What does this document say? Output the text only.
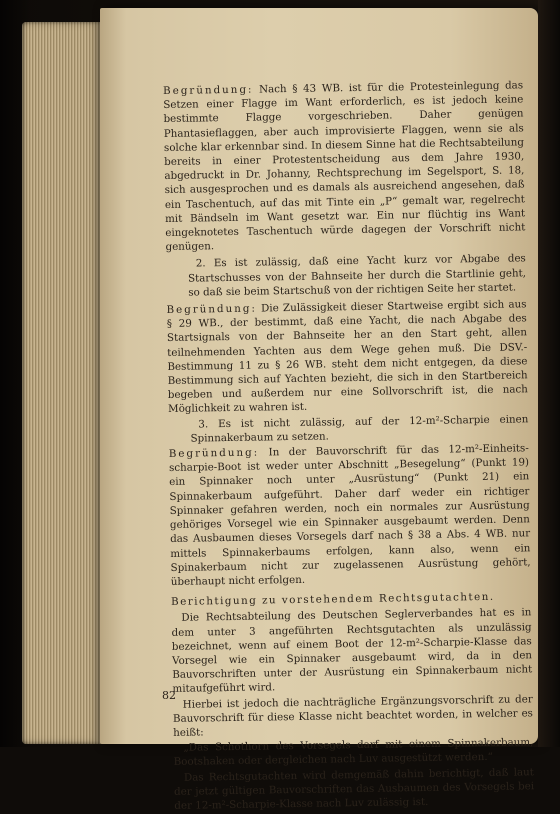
Begründung: Nach § 43 WB. ist für die Protesteinlegung das Setzen einer Flagge im Want erforderlich, es ist jedoch keine bestimmte Flagge vorgeschrieben. Daher genügen Phantasieflaggen, aber auch improvisierte Flaggen, wenn sie als solche klar erkennbar sind. In diesem Sinne hat die Rechtsabteilung bereits in einer Protestentscheidung aus dem Jahre 1930, abgedruckt in Dr. Johanny, Rechtsprechung im Segelsport, S. 18, sich ausgesprochen und es damals als ausreichend angesehen, daß ein Taschentuch, auf das mit Tinte ein „P“ gemalt war, regelrecht mit Bändseln im Want gesetzt war. Ein nur flüchtig ins Want eingeknotetes Taschentuch würde dagegen der Vorschrift nicht genügen.

2. Es ist zulässig, daß eine Yacht kurz vor Abgabe des Startschusses von der Bahnseite her durch die Startlinie geht, so daß sie beim Startschuß von der richtigen Seite her startet.

Begründung: Die Zulässigkeit dieser Startweise ergibt sich aus § 29 WB., der bestimmt, daß eine Yacht, die nach Abgabe des Startsignals von der Bahnseite her an den Start geht, allen teilnehmenden Yachten aus dem Wege gehen muß. Die DSV.-Bestimmung 11 zu § 26 WB. steht dem nicht entgegen, da diese Bestimmung sich auf Yachten bezieht, die sich in den Startbereich begeben und außerdem nur eine Sollvorschrift ist, die nach Möglichkeit zu wahren ist.

3. Es ist nicht zulässig, auf der 12-m²-Scharpie einen Spinnakerbaum zu setzen.

Begründung: In der Bauvorschrift für das 12-m²-Einheits-scharpie-Boot ist weder unter Abschnitt „Besegelung“ (Punkt 19) ein Spinnaker noch unter „Ausrüstung“ (Punkt 21) ein Spinnakerbaum aufgeführt. Daher darf weder ein richtiger Spinnaker gefahren werden, noch ein normales zur Ausrüstung gehöriges Vorsegel wie ein Spinnaker ausgebaumt werden. Denn das Ausbaumen dieses Vorsegels darf nach § 38 a Abs. 4 WB. nur mittels Spinnakerbaums erfolgen, kann also, wenn ein Spinakerbaum nicht zur zugelassenen Ausrüstung gehört, überhaupt nicht erfolgen.

Berichtigung zu vorstehendem Rechtsgutachten.

Die Rechtsabteilung des Deutschen Seglerverbandes hat es in dem unter 3 angeführten Rechtsgutachten als unzulässig bezeichnet, wenn auf einem Boot der 12-m²-Scharpie-Klasse das Vorsegel wie ein Spinnaker ausgebaumt wird, da in den Bauvorschriften unter der Ausrüstung ein Spinnakerbaum nicht mitaufgeführt wird.

Hierbei ist jedoch die nachträgliche Ergänzungsvorschrift zu der Bauvorschrift für diese Klasse nicht beachtet worden, in welcher es heißt:

„Das Schothorn des Vorsegels darf mit einem Spinnakerbaum, Bootshaken oder dergleichen nach Luv ausgestützt werden.“

Das Rechtsgutachten wird demgemäß dahin berichtigt, daß laut der jetzt gültigen Bauvorschriften das Ausbaumen des Vorsegels bei der 12-m²-Scharpie-Klasse nach Luv zulässig ist.

82
